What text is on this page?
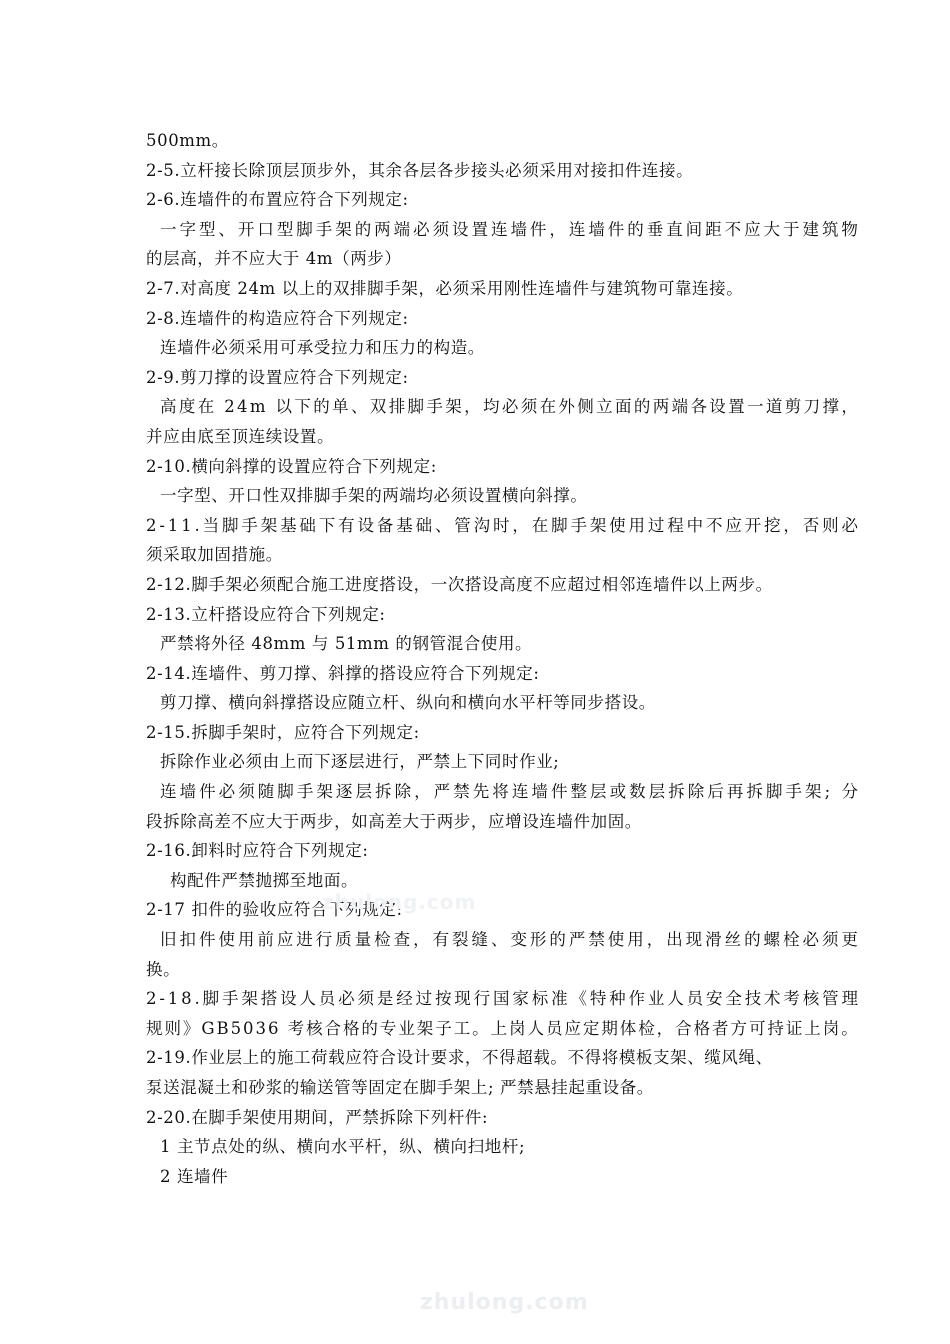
500mm。
2-5.立杆接长除顶层顶步外，其余各层各步接头必须采用对接扣件连接。
2-6.连墙件的布置应符合下列规定:
一 字 型 、 开 口 型 脚 手 架 的 两 端 必 须 设 置 连 墙 件 ， 连 墙 件 的 垂 直 间 距 不 应 大 于 建 筑 物
的层高，并不应大于 4m（两步）
2-7.对高度 24m 以上的双排脚手架，必须采用刚性连墙件与建筑物可靠连接。
2-8.连墙件的构造应符合下列规定:
连墙件必须采用可承受拉力和压力的构造。
2-9.剪刀撑的设置应符合下列规定:
高 度 在
2 4 m
以 下 的 单 、 双 排 脚 手 架 ， 均 必 须 在 外 侧 立 面 的 两 端 各 设 置 一 道 剪 刀 撑 ，
并应由底至顶连续设置。
2-10.横向斜撑的设置应符合下列规定:
一字型、开口性双排脚手架的两端均必须设置横向斜撑。
2 - 1 1 . 当 脚 手 架 基 础 下 有 设 备 基 础 、 管 沟 时 ， 在 脚 手 架 使 用 过 程 中 不 应 开 挖 ， 否 则 必
须采取加固措施。
2-12.脚手架必须配合施工进度搭设，一次搭设高度不应超过相邻连墙件以上两步。
2-13.立杆搭设应符合下列规定:
严禁将外径 48mm 与 51mm 的钢管混合使用。
2-14.连墙件、剪刀撑、斜撑的搭设应符合下列规定:
剪刀撑、横向斜撑搭设应随立杆、纵向和横向水平杆等同步搭设。
2-15.拆脚手架时，应符合下列规定:
拆除作业必须由上而下逐层进行，严禁上下同时作业;
连 墙 件 必 须 随 脚 手 架 逐 层 拆 除 ， 严 禁 先 将 连 墙 件 整 层 或 数 层 拆 除 后 再 拆 脚 手 架 ;
分
段拆除高差不应大于两步，如高差大于两步，应增设连墙件加固。
2-16.卸料时应符合下列规定:
构配件严禁抛掷至地面。
2-17 扣件的验收应符合下列规定:
旧 扣 件 使 用 前 应 进 行 质 量 检 查 ， 有 裂 缝 、 变 形 的 严 禁 使 用 ， 出 现 滑 丝 的 螺 栓 必 须 更
换。
2 - 1 8 . 脚 手 架 搭 设 人 员 必 须 是 经 过 按 现 行 国 家 标 准 《 特 种 作 业 人 员 安 全 技 术 考 核 管 理
规 则 》 G B 5 0 3 6
考 核 合 格 的 专 业 架 子 工 。 上 岗 人 员 应 定 期 体 检 ， 合 格 者 方 可 持 证 上 岗 。
2-19.作业层上的施工荷载应符合设计要求，不得超载。不得将模板支架、缆风绳、
泵送混凝土和砂浆的输送管等固定在脚手架上; 严禁悬挂起重设备。
2-20.在脚手架使用期间，严禁拆除下列杆件:
1 主节点处的纵、横向水平杆，纵、横向扫地杆;
2 连墙件
zhulong.com
zhulong.com
